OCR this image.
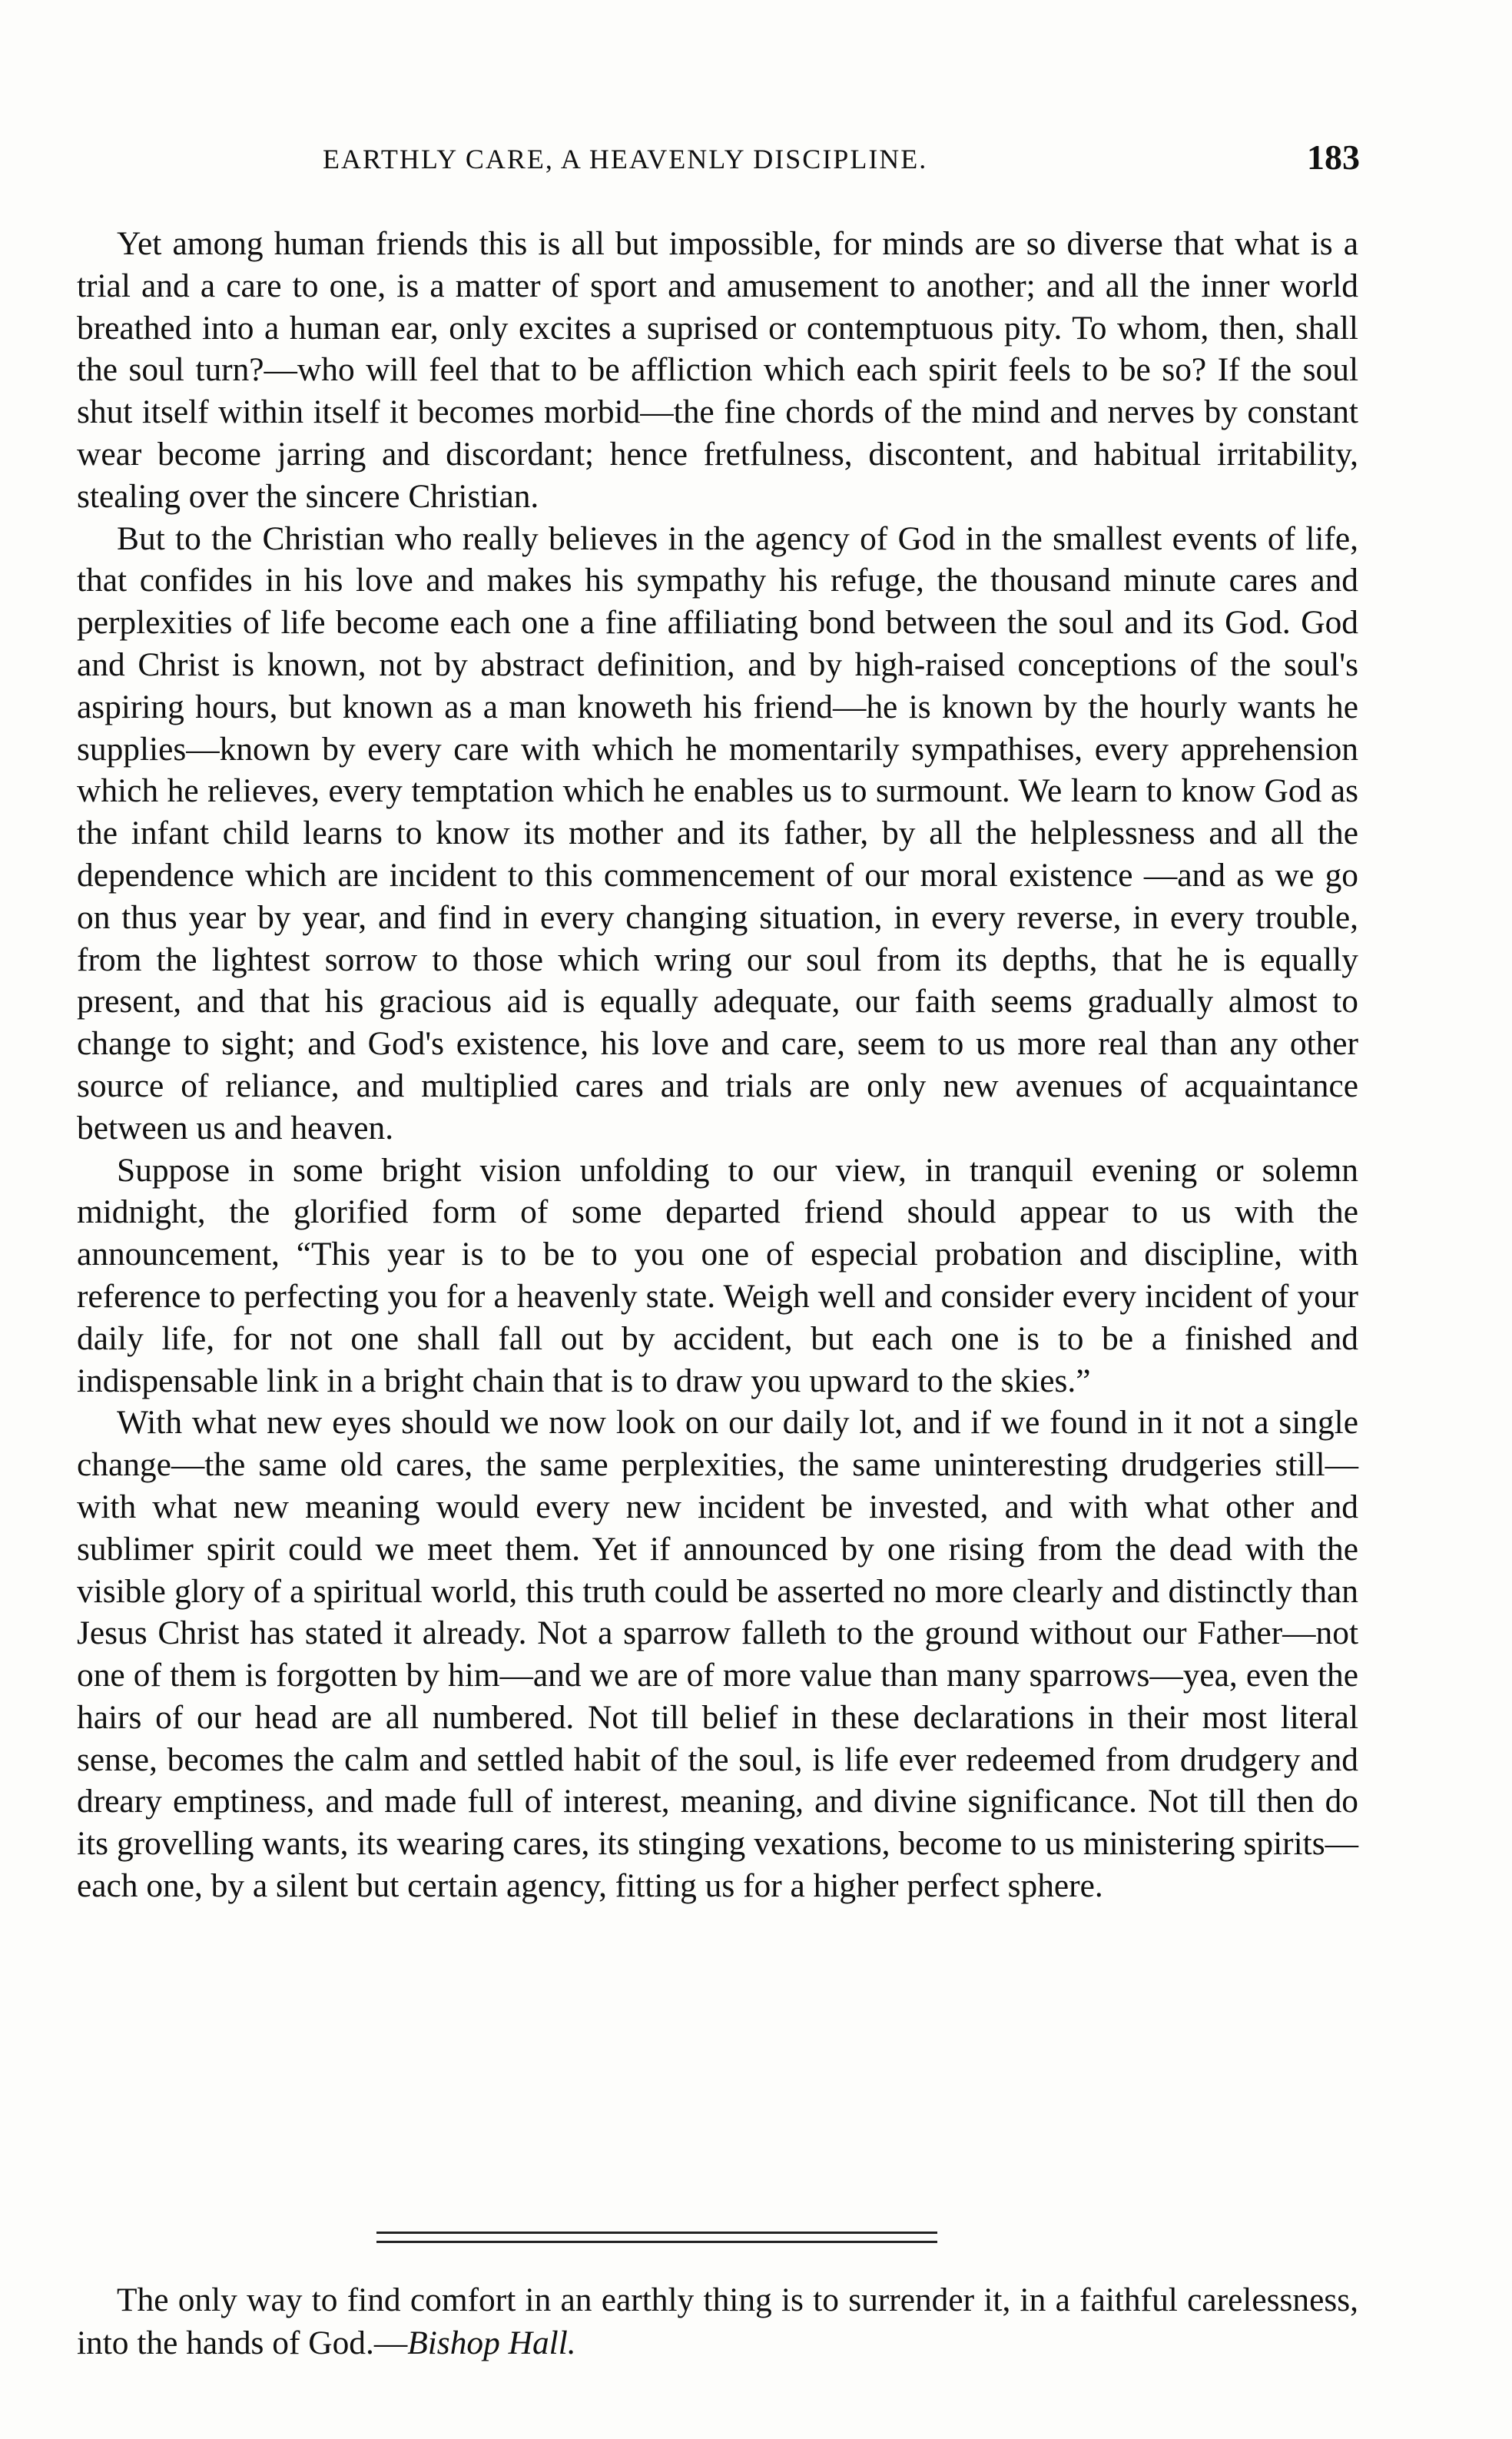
EARTHLY CARE, A HEAVENLY DISCIPLINE.	183

Yet among human friends this is all but impossible, for minds are so diverse that what is a trial and a care to one, is a matter of sport and amusement to another; and all the inner world breathed into a human ear, only excites a suprised or contemptuous pity. To whom, then, shall the soul turn?—who will feel that to be affliction which each spirit feels to be so? If the soul shut itself within itself it becomes morbid—the fine chords of the mind and nerves by constant wear become jarring and discordant; hence fretfulness, discontent, and habitual irritability, stealing over the sincere Christian.

But to the Christian who really believes in the agency of God in the smallest events of life, that confides in his love and makes his sympathy his refuge, the thousand minute cares and perplexities of life become each one a fine affiliating bond between the soul and its God. God and Christ is known, not by abstract definition, and by high-raised conceptions of the soul's aspiring hours, but known as a man knoweth his friend—he is known by the hourly wants he supplies—known by every care with which he momentarily sympathises, every apprehension which he relieves, every temptation which he enables us to surmount. We learn to know God as the infant child learns to know its mother and its father, by all the helplessness and all the dependence which are incident to this commencement of our moral existence —and as we go on thus year by year, and find in every changing situation, in every reverse, in every trouble, from the lightest sorrow to those which wring our soul from its depths, that he is equally present, and that his gracious aid is equally adequate, our faith seems gradually almost to change to sight; and God's existence, his love and care, seem to us more real than any other source of reliance, and multiplied cares and trials are only new avenues of acquaintance between us and heaven.

Suppose in some bright vision unfolding to our view, in tranquil evening or solemn midnight, the glorified form of some departed friend should appear to us with the announcement, “This year is to be to you one of especial probation and discipline, with reference to perfecting you for a heavenly state. Weigh well and consider every incident of your daily life, for not one shall fall out by accident, but each one is to be a finished and indispensable link in a bright chain that is to draw you upward to the skies.”

With what new eyes should we now look on our daily lot, and if we found in it not a single change—the same old cares, the same perplexities, the same uninteresting drudgeries still—with what new meaning would every new incident be invested, and with what other and sublimer spirit could we meet them. Yet if announced by one rising from the dead with the visible glory of a spiritual world, this truth could be asserted no more clearly and distinctly than Jesus Christ has stated it already. Not a sparrow falleth to the ground without our Father—not one of them is forgotten by him—and we are of more value than many sparrows—yea, even the hairs of our head are all numbered. Not till belief in these declarations in their most literal sense, becomes the calm and settled habit of the soul, is life ever redeemed from drudgery and dreary emptiness, and made full of interest, meaning, and divine significance. Not till then do its grovelling wants, its wearing cares, its stinging vexations, become to us ministering spirits—each one, by a silent but certain agency, fitting us for a higher perfect sphere.

The only way to find comfort in an earthly thing is to surrender it, in a faithful carelessness, into the hands of God.—Bishop Hall.
